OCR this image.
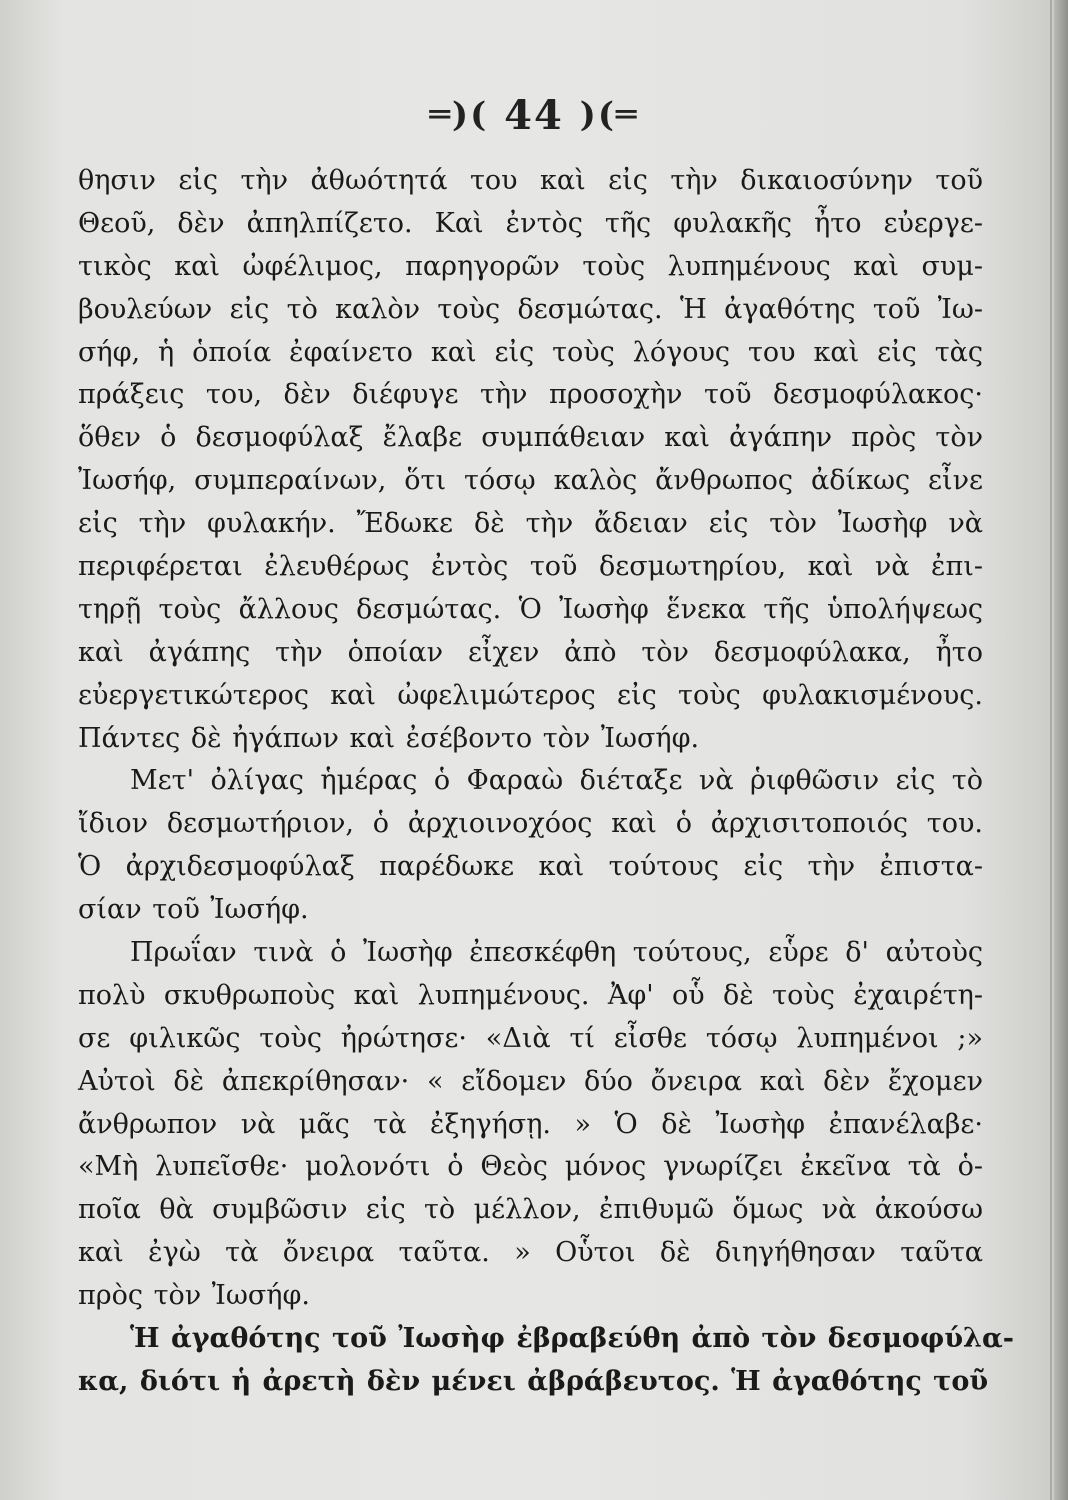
═)( 44 )(═
θησιν εἰς τὴν ἀθωότητά του καὶ εἰς τὴν δικαιοσύνην τοῦ
Θεοῦ, δὲν ἀπηλπίζετο. Καὶ ἐντὸς τῆς φυλακῆς ἦτο εὐεργε-
τικὸς καὶ ὠφέλιμος, παρηγορῶν τοὺς λυπημένους καὶ συμ-
βουλεύων εἰς τὸ καλὸν τοὺς δεσμώτας. Ἡ ἀγαθότης τοῦ Ἰω-
σήφ, ἡ ὁποία ἐφαίνετο καὶ εἰς τοὺς λόγους του καὶ εἰς τὰς
πράξεις του, δὲν διέφυγε τὴν προσοχὴν τοῦ δεσμοφύλακος·
ὅθεν ὁ δεσμοφύλαξ ἔλαβε συμπάθειαν καὶ ἀγάπην πρὸς τὸν
Ἰωσήφ, συμπεραίνων, ὅτι τόσῳ καλὸς ἄνθρωπος ἀδίκως εἶνε
εἰς τὴν φυλακήν. Ἔδωκε δὲ τὴν ἄδειαν εἰς τὸν Ἰωσὴφ νὰ
περιφέρεται ἐλευθέρως ἐντὸς τοῦ δεσμωτηρίου, καὶ νὰ ἐπι-
τηρῇ τοὺς ἄλλους δεσμώτας. Ὁ Ἰωσὴφ ἕνεκα τῆς ὑπολήψεως
καὶ ἀγάπης τὴν ὁποίαν εἶχεν ἀπὸ τὸν δεσμοφύλακα, ἦτο
εὐεργετικώτερος καὶ ὠφελιμώτερος εἰς τοὺς φυλακισμένους.
Πάντες δὲ ἠγάπων καὶ ἐσέβοντο τὸν Ἰωσήφ.
Μετ' ὀλίγας ἡμέρας ὁ Φαραὼ διέταξε νὰ ῥιφθῶσιν εἰς τὸ
ἴδιον δεσμωτήριον, ὁ ἀρχιοινοχόος καὶ ὁ ἀρχισιτοποιός του.
Ὁ ἀρχιδεσμοφύλαξ παρέδωκε καὶ τούτους εἰς τὴν ἐπιστα-
σίαν τοῦ Ἰωσήφ.
Πρωΐαν τινὰ ὁ Ἰωσὴφ ἐπεσκέφθη τούτους, εὗρε δ' αὐτοὺς
πολὺ σκυθρωποὺς καὶ λυπημένους. Ἀφ' οὗ δὲ τοὺς ἐχαιρέτη-
σε φιλικῶς τοὺς ἠρώτησε· «Διὰ τί εἶσθε τόσῳ λυπημένοι ;»
Αὐτοὶ δὲ ἀπεκρίθησαν· « εἴδομεν δύο ὄνειρα καὶ δὲν ἔχομεν
ἄνθρωπον νὰ μᾶς τὰ ἐξηγήσῃ. » Ὁ δὲ Ἰωσὴφ ἐπανέλαβε·
«Μὴ λυπεῖσθε· μολονότι ὁ Θεὸς μόνος γνωρίζει ἐκεῖνα τὰ ὁ-
ποῖα θὰ συμβῶσιν εἰς τὸ μέλλον, ἐπιθυμῶ ὅμως νὰ ἀκούσω
καὶ ἐγὼ τὰ ὄνειρα ταῦτα. » Οὗτοι δὲ διηγήθησαν ταῦτα
πρὸς τὸν Ἰωσήφ.
Ἡ ἀγαθότης τοῦ Ἰωσὴφ ἐβραβεύθη ἀπὸ τὸν δεσμοφύλα-
κα, διότι ἡ ἀρετὴ δὲν μένει ἀβράβευτος. Ἡ ἀγαθότης τοῦ
